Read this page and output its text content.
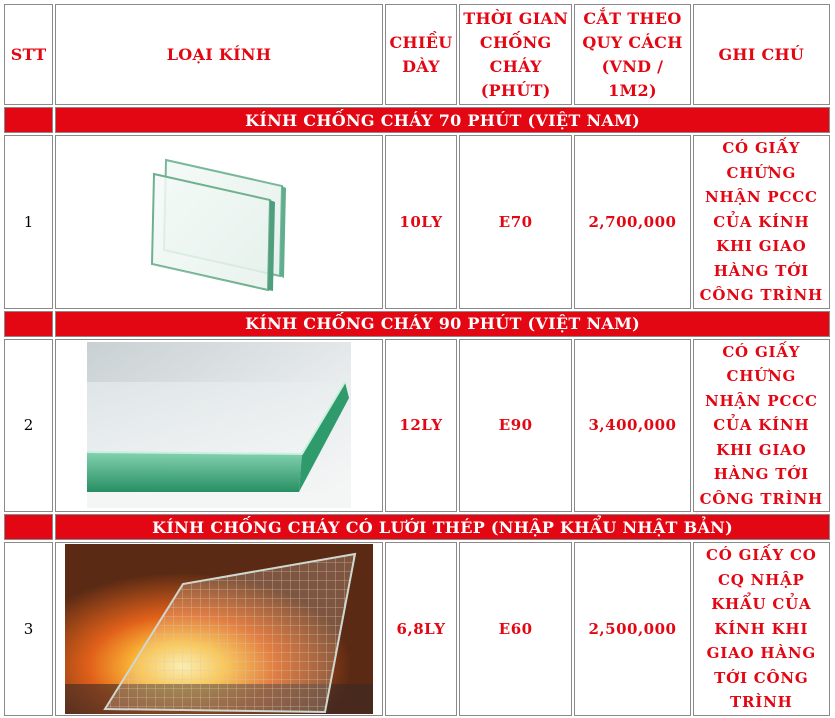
STT	LOẠI KÍNH	CHIỀU DÀY	THỜI GIAN CHỐNG CHÁY (PHÚT)	CẮT THEO QUY CÁCH (VND / 1M2)	GHI CHÚ
	KÍNH CHỐNG CHÁY 70 PHÚT (VIỆT NAM)				
1		10LY	E70	2,700,000	CÓ GIẤY CHỨNG NHẬN PCCC CỦA KÍNH KHI GIAO HÀNG TỚI CÔNG TRÌNH
	KÍNH CHỐNG CHÁY 90 PHÚT (VIỆT NAM)				
2		12LY	E90	3,400,000	CÓ GIẤY CHỨNG NHẬN PCCC CỦA KÍNH KHI GIAO HÀNG TỚI CÔNG TRÌNH
	KÍNH CHỐNG CHÁY CÓ LƯỚI THÉP (NHẬP KHẨU NHẬT BẢN)				
3		6,8LY	E60	2,500,000	CÓ GIẤY CO CQ NHẬP KHẨU CỦA KÍNH KHI GIAO HÀNG TỚI CÔNG TRÌNH
